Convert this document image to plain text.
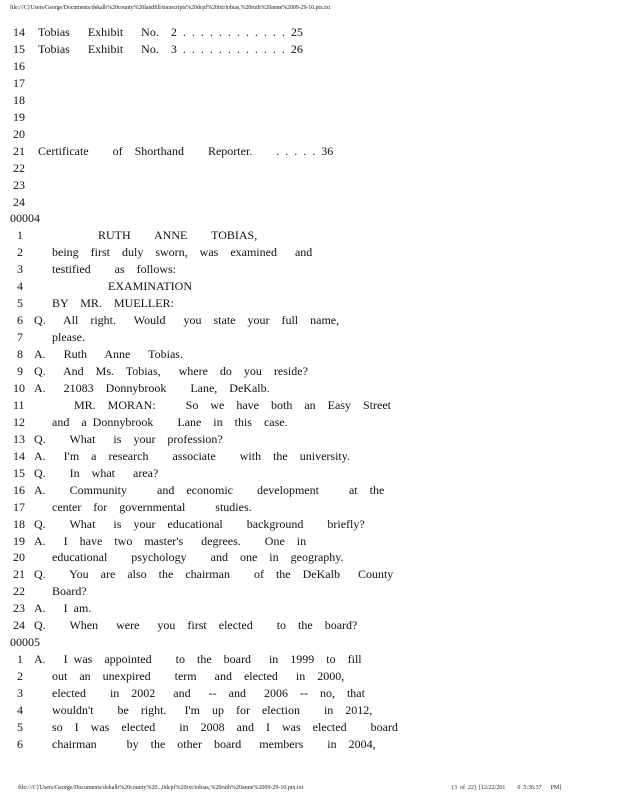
file:///C|/Users/George/Documents/dekalb%20county%20landfill/transcripts%20dcpf%20txt/tobias,%20ruth%20anne%2009-29-10.ptx.txt
14 Tobias   Exhibit   No.  2 . . . . . . . . . . . . 25
15 Tobias   Exhibit   No.  3 . . . . . . . . . . . . 26
16
17
18
19
20
21 Certificate    of  Shorthand    Reporter.    . . . . . 36
22
23
24
00004
1	RUTH    ANNE    TOBIAS,
2 being  first  duly  sworn,  was  examined   and
3 testified    as  follows:
4	EXAMINATION
5 BY  MR.  MUELLER:
6 Q.   All  right.   Would   you  state  your  full  name,
7 please.
8 A.   Ruth   Anne   Tobias.
9 Q.   And  Ms.  Tobias,   where  do  you  reside?
10 A.   21083  Donnybrook    Lane,  DeKalb.
11	MR.  MORAN:     So  we  have  both  an  Easy  Street
12 and  a Donnybrook    Lane  in  this  case.
13 Q.    What   is  your  profession?
14 A.   I'm  a  research    associate    with  the  university.
15 Q.    In  what   area?
16 A.    Community     and  economic    development     at  the
17 center  for  governmental     studies.
18 Q.    What   is  your  educational    background    briefly?
19 A.   I  have  two  master's   degrees.    One  in
20 educational    psychology    and  one  in  geography.
21 Q.    You  are  also  the  chairman    of  the  DeKalb   County
22 Board?
23 A.   I am.
24 Q.    When   were   you  first  elected    to  the  board?
00005
1 A.   I was  appointed    to  the  board   in  1999  to  fill
2 out  an  unexpired    term   and  elected   in  2000,
3 elected    in  2002   and   --  and   2006  --  no,  that
4 wouldn't    be  right.   I'm  up  for  election    in  2012,
5 so  I  was  elected    in  2008  and  I  was  elected    board
6 chairman     by  the  other  board   members    in  2004,
file:///C|/Users/George/Documents/dekalb%20county%20...0dcpf%20txt/tobias,%20ruth%20anne%2009-29-10.ptx.txt	(3  of  22)  [12/22/201        0  5:36:37      PM]
